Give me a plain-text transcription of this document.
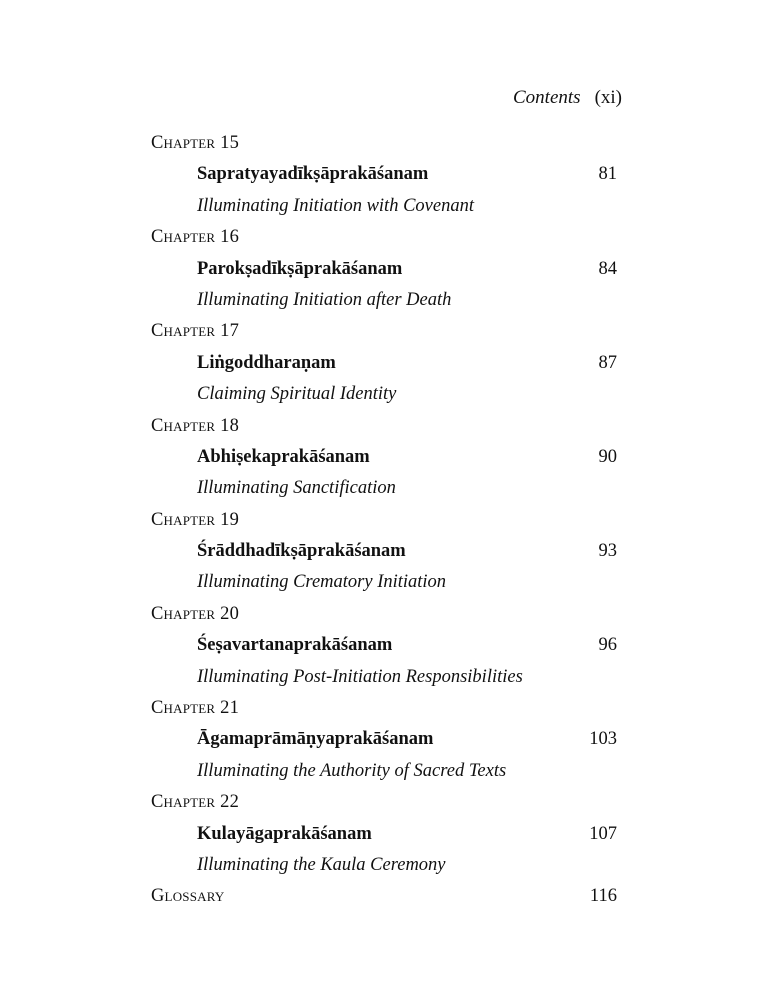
Contents (xi)
Chapter 15
Sapratyayadīkṣāprakāśanam	81
Illuminating Initiation with Covenant
Chapter 16
Parokṣadīkṣāprakāśanam	84
Illuminating Initiation after Death
Chapter 17
Liṅgoddharaṇam	87
Claiming Spiritual Identity
Chapter 18
Abhiṣekaprakāśanam	90
Illuminating Sanctification
Chapter 19
Śrāddhadīkṣāprakāśanam	93
Illuminating Crematory Initiation
Chapter 20
Śeṣavartanaprakāśanam	96
Illuminating Post-Initiation Responsibilities
Chapter 21
Āgamaprāmāṇyaprakāśanam	103
Illuminating the Authority of Sacred Texts
Chapter 22
Kulayāgaprakāśanam	107
Illuminating the Kaula Ceremony
Glossary	116
